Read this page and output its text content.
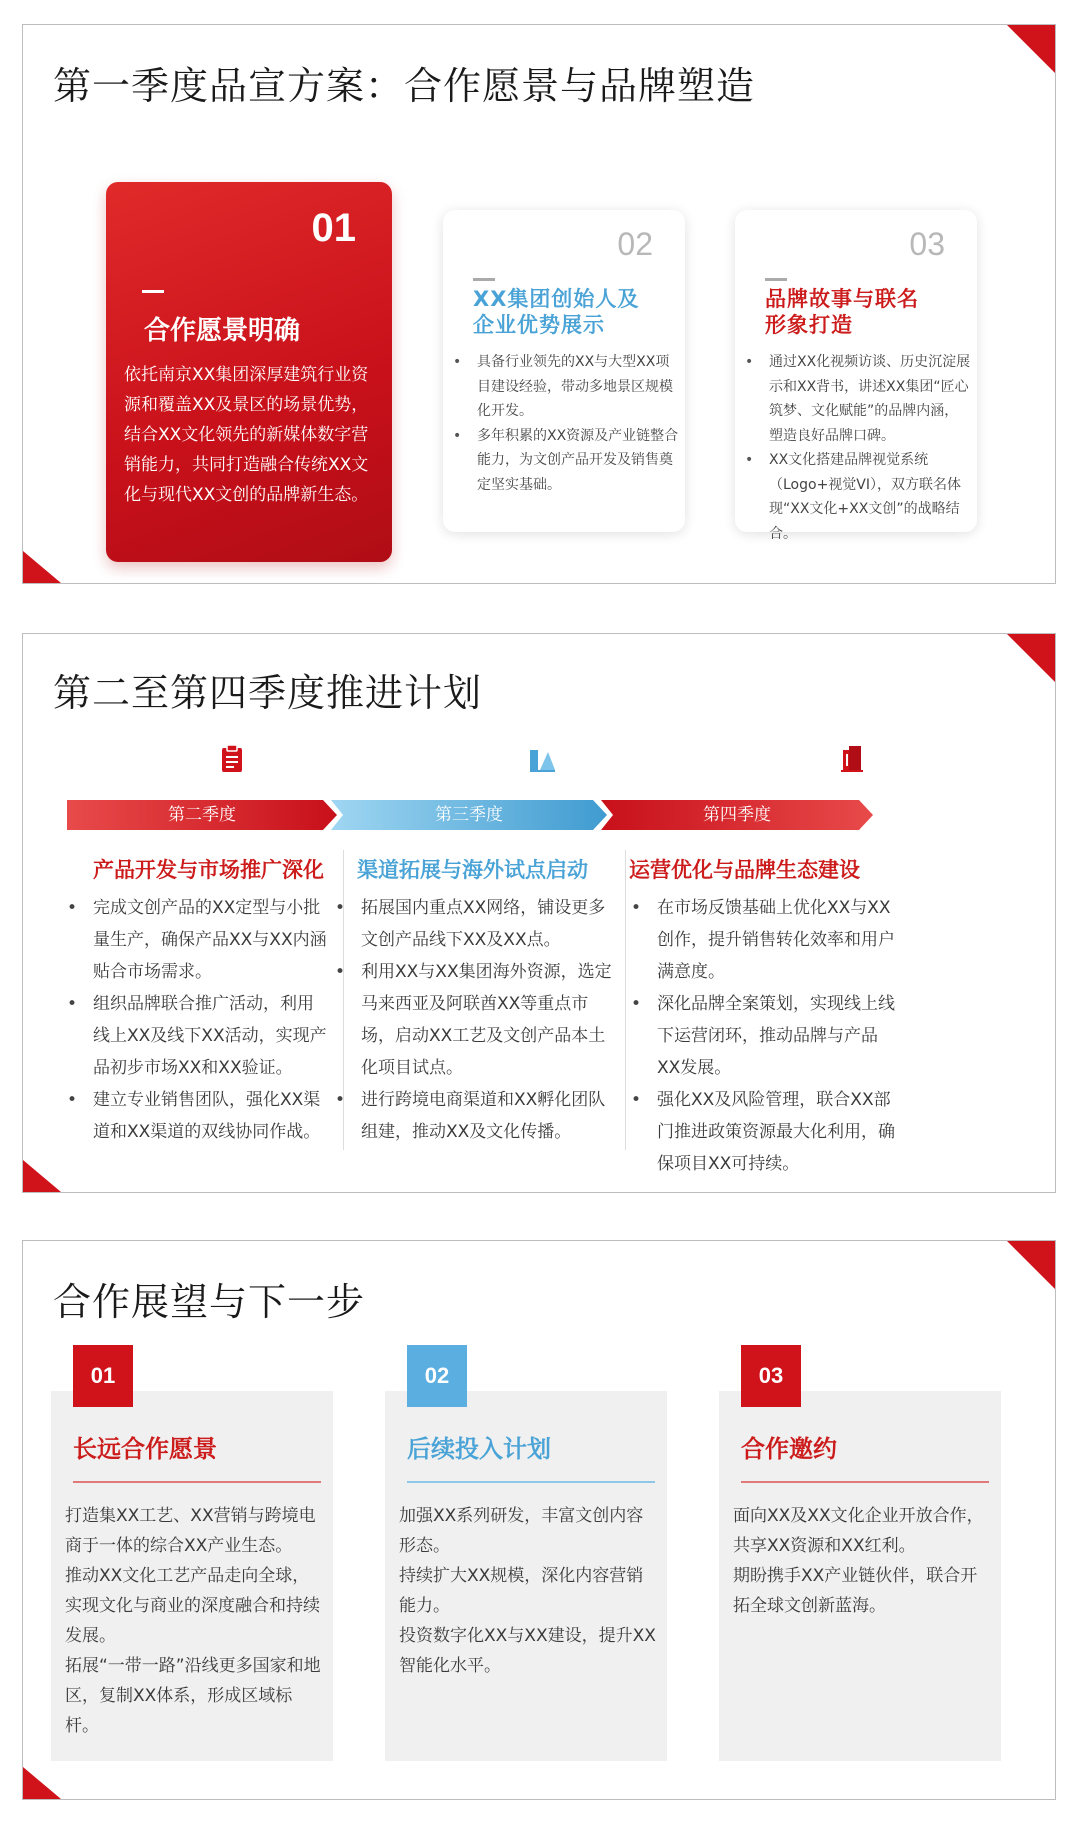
第一季度品宣方案：合作愿景与品牌塑造
01
合作愿景明确
依托南京XX集团深厚建筑行业资源和覆盖XX及景区的场景优势，结合XX文化领先的新媒体数字营销能力，共同打造融合传统XX文化与现代XX文创的品牌新生态。
02
XX集团创始人及
企业优势展示
• 具备行业领先的XX与大型XX项目建设经验，带动多地景区规模化开发。
• 多年积累的XX资源及产业链整合能力，为文创产品开发及销售奠定坚实基础。
03
品牌故事与联名
形象打造
• 通过XX化视频访谈、历史沉淀展示和XX背书，讲述XX集团“匠心筑梦、文化赋能”的品牌内涵，塑造良好品牌口碑。
• XX文化搭建品牌视觉系统（Logo+视觉VI），双方联名体现“XX文化+XX文创”的战略结合。
第二至第四季度推进计划
第二季度	第三季度	第四季度
产品开发与市场推广深化
• 完成文创产品的XX定型与小批量生产，确保产品XX与XX内涵贴合市场需求。
• 组织品牌联合推广活动，利用线上XX及线下XX活动，实现产品初步市场XX和XX验证。
• 建立专业销售团队，强化XX渠道和XX渠道的双线协同作战。
渠道拓展与海外试点启动
• 拓展国内重点XX网络，铺设更多文创产品线下XX及XX点。
• 利用XX与XX集团海外资源，选定马来西亚及阿联酋XX等重点市场，启动XX工艺及文创产品本土化项目试点。
• 进行跨境电商渠道和XX孵化团队组建，推动XX及文化传播。
运营优化与品牌生态建设
• 在市场反馈基础上优化XX与XX创作，提升销售转化效率和用户满意度。
• 深化品牌全案策划，实现线上线下运营闭环，推动品牌与产品XX发展。
• 强化XX及风险管理，联合XX部门推进政策资源最大化利用，确保项目XX可持续。
合作展望与下一步
长远合作愿景
打造集XX工艺、XX营销与跨境电商于一体的综合XX产业生态。
推动XX文化工艺产品走向全球，实现文化与商业的深度融合和持续发展。
拓展“一带一路”沿线更多国家和地区，复制XX体系，形成区域标杆。
01
后续投入计划
加强XX系列研发，丰富文创内容形态。
持续扩大XX规模，深化内容营销能力。
投资数字化XX与XX建设，提升XX智能化水平。
02
合作邀约
面向XX及XX文化企业开放合作，共享XX资源和XX红利。
期盼携手XX产业链伙伴，联合开拓全球文创新蓝海。
03
